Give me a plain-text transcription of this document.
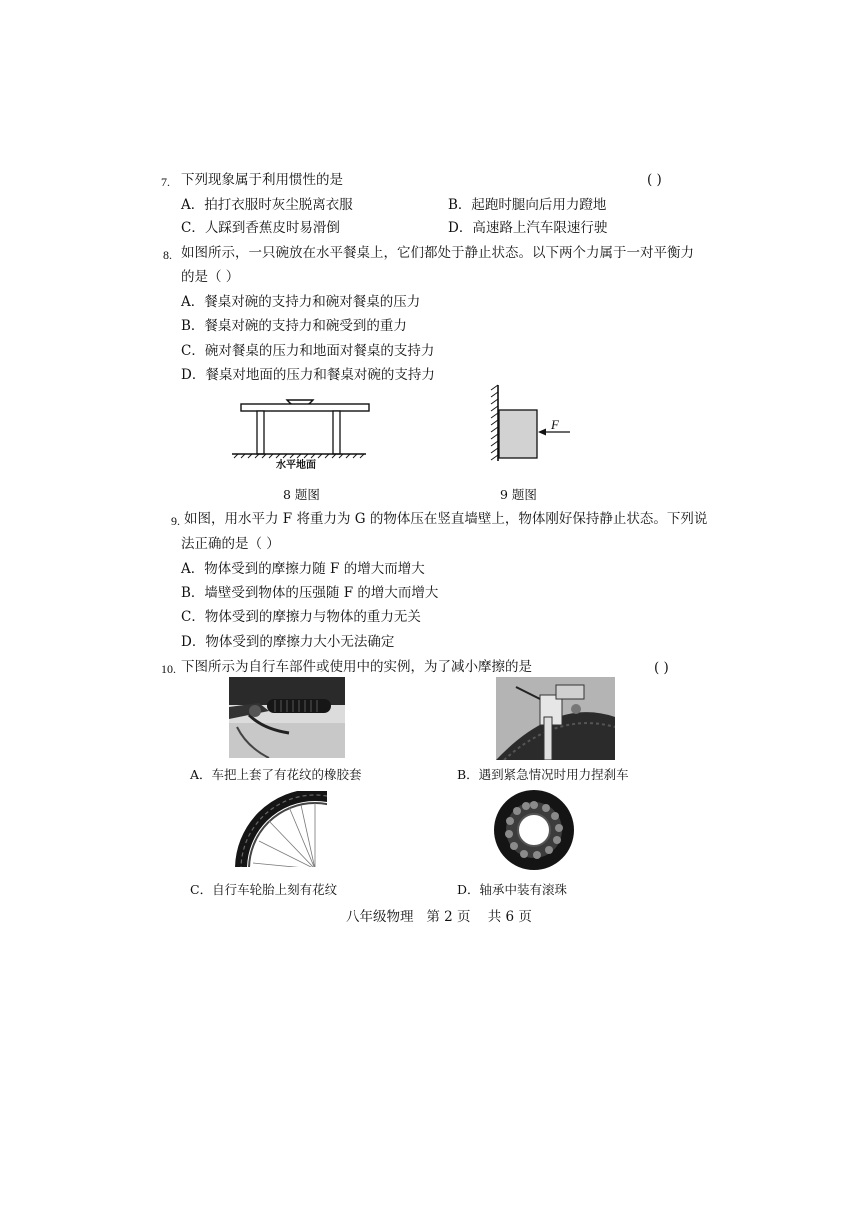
7. 下列现象属于利用惯性的是	( )
A．拍打衣服时灰尘脱离衣服	B．起跑时腿向后用力蹬地
C．人踩到香蕉皮时易滑倒	D．高速路上汽车限速行驶
8. 如图所示，一只碗放在水平餐桌上，它们都处于静止状态。以下两个力属于一对平衡力
的是（ ）
A．餐桌对碗的支持力和碗对餐桌的压力
B．餐桌对碗的支持力和碗受到的重力
C．碗对餐桌的压力和地面对餐桌的支持力
D．餐桌对地面的压力和餐桌对碗的支持力
水平地面
8 题图
F
9 题图
9. 如图，用水平力 F 将重力为 G 的物体压在竖直墙壁上，物体刚好保持静止状态。下列说
法正确的是（ ）
A．物体受到的摩擦力随 F 的增大而增大
B．墙壁受到物体的压强随 F 的增大而增大
C．物体受到的摩擦力与物体的重力无关
D．物体受到的摩擦力大小无法确定
10. 下图所示为自行车部件或使用中的实例，为了减小摩擦的是	( )
A．车把上套了有花纹的橡胶套	B．遇到紧急情况时用力捏刹车
C．自行车轮胎上刻有花纹	D．轴承中装有滚珠
八年级物理   第 2 页    共 6 页
